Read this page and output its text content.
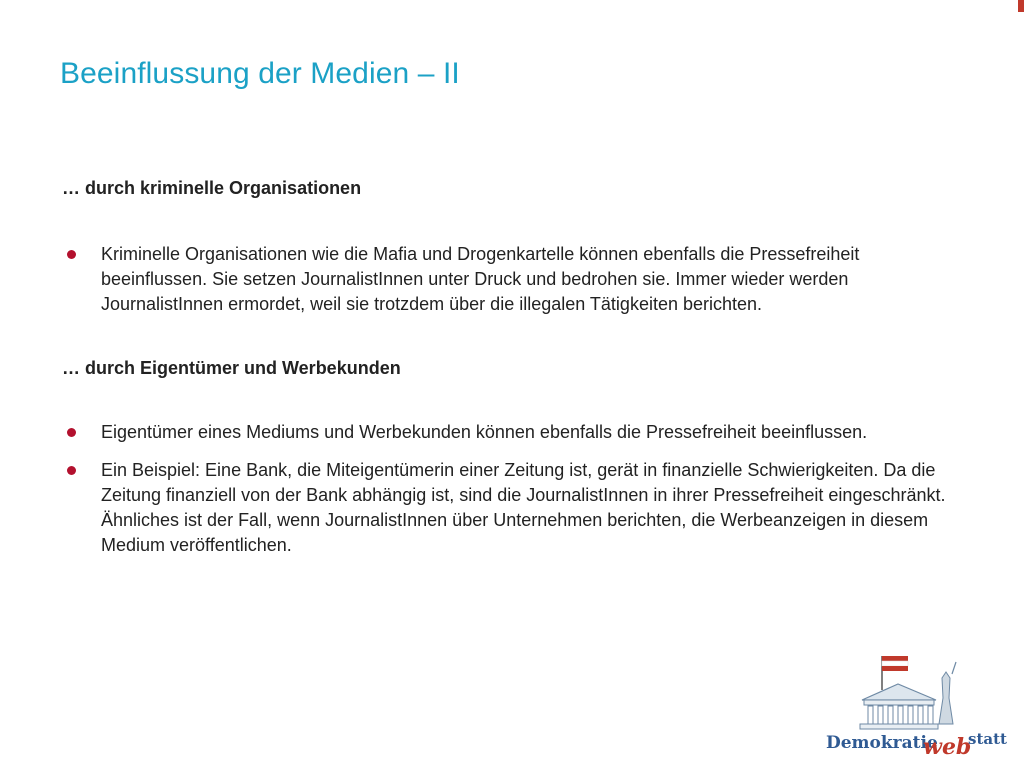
Beeinflussung der Medien – II

… durch kriminelle Organisationen

Kriminelle Organisationen wie die Mafia und Drogenkartelle können ebenfalls die Pressefreiheit beeinflussen. Sie setzen JournalistInnen unter Druck und bedrohen sie. Immer wieder werden JournalistInnen ermordet, weil sie trotzdem über die illegalen Tätigkeiten berichten.

… durch Eigentümer und Werbekunden

Eigentümer eines Mediums und Werbekunden können ebenfalls die Pressefreiheit beeinflussen.
Ein Beispiel: Eine Bank, die Miteigentümerin einer Zeitung ist, gerät in finanzielle Schwierigkeiten. Da die Zeitung finanziell von der Bank abhängig ist, sind die JournalistInnen in ihrer Pressefreiheit eingeschränkt. Ähnliches ist der Fall, wenn JournalistInnen über Unternehmen berichten, die Werbeanzeigen in diesem Medium veröffentlichen.
Demokratie
web
statt
